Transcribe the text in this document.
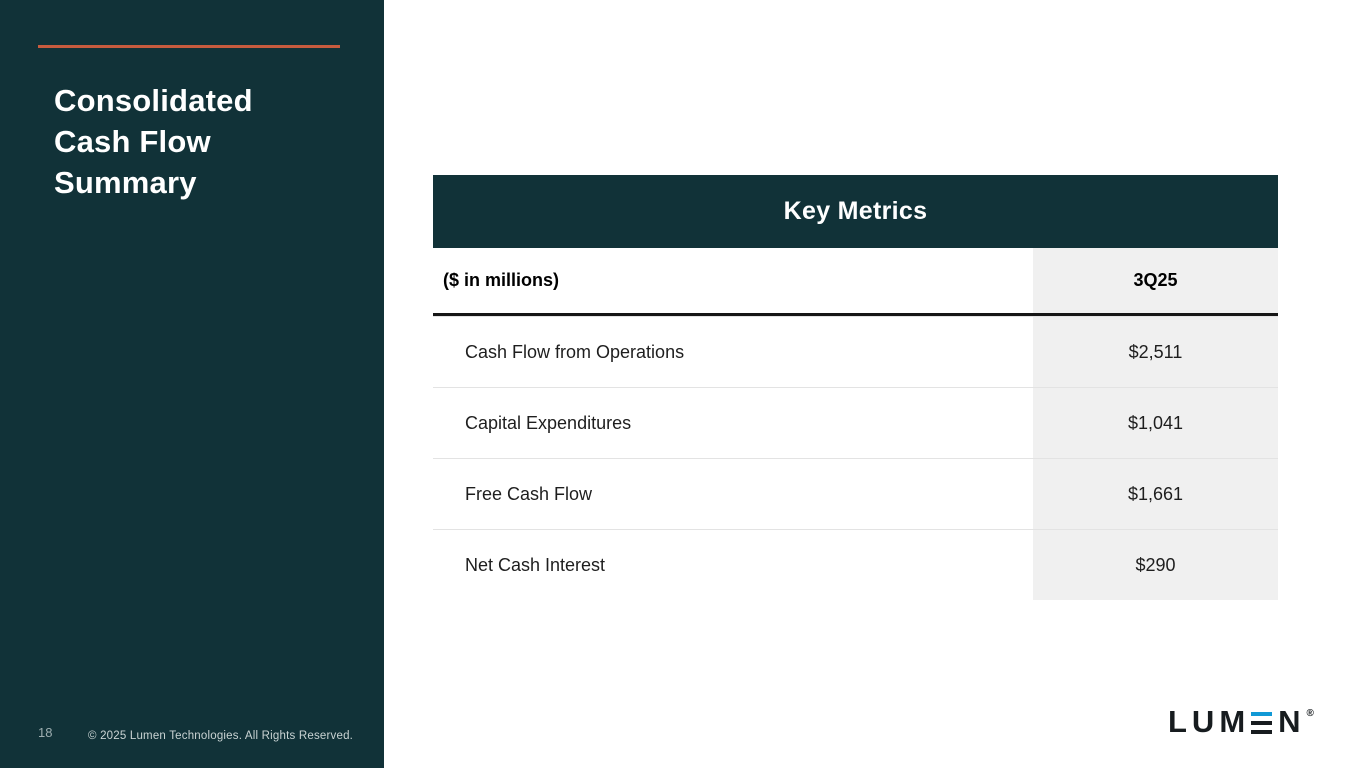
Consolidated
Cash Flow
Summary
18	© 2025 Lumen Technologies. All Rights Reserved.
Key Metrics
($ in millions)	3Q25
Cash Flow from Operations	$2,511
Capital Expenditures	$1,041
Free Cash Flow	$1,661
Net Cash Interest	$290
LUM N ®
